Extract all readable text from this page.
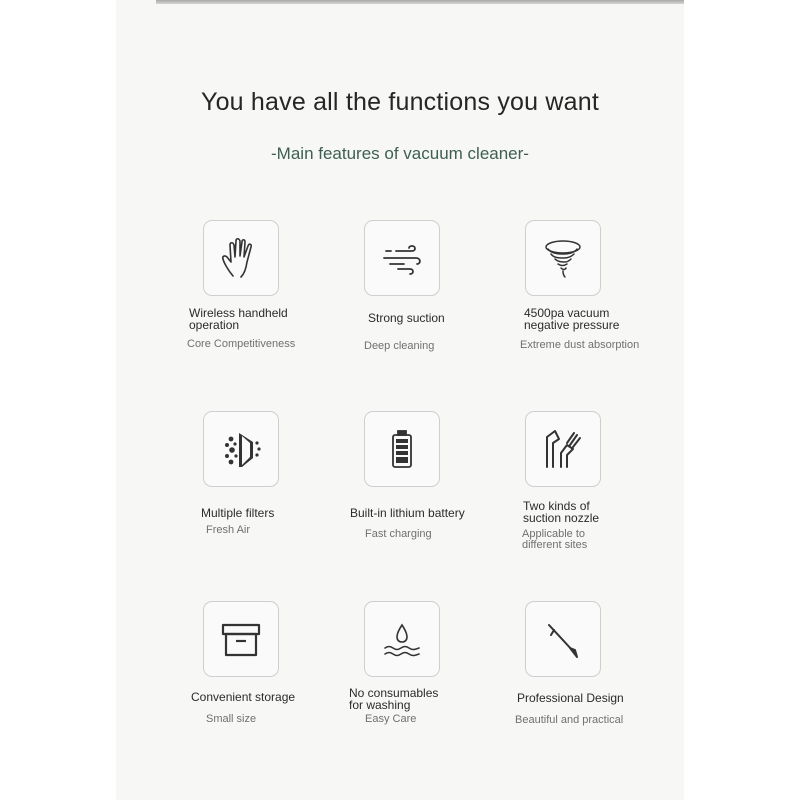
You have all the functions you want
-Main features of vacuum cleaner-
Wireless handheld
operation
Core Competitiveness
Strong suction
Deep cleaning
4500pa vacuum
negative pressure
Extreme dust absorption
Multiple filters
Fresh Air
Built-in lithium battery
Fast charging
Two kinds of
suction nozzle
Applicable to
different sites
Convenient storage
Small size
No consumables
for washing
Easy Care
Professional Design
Beautiful and practical
